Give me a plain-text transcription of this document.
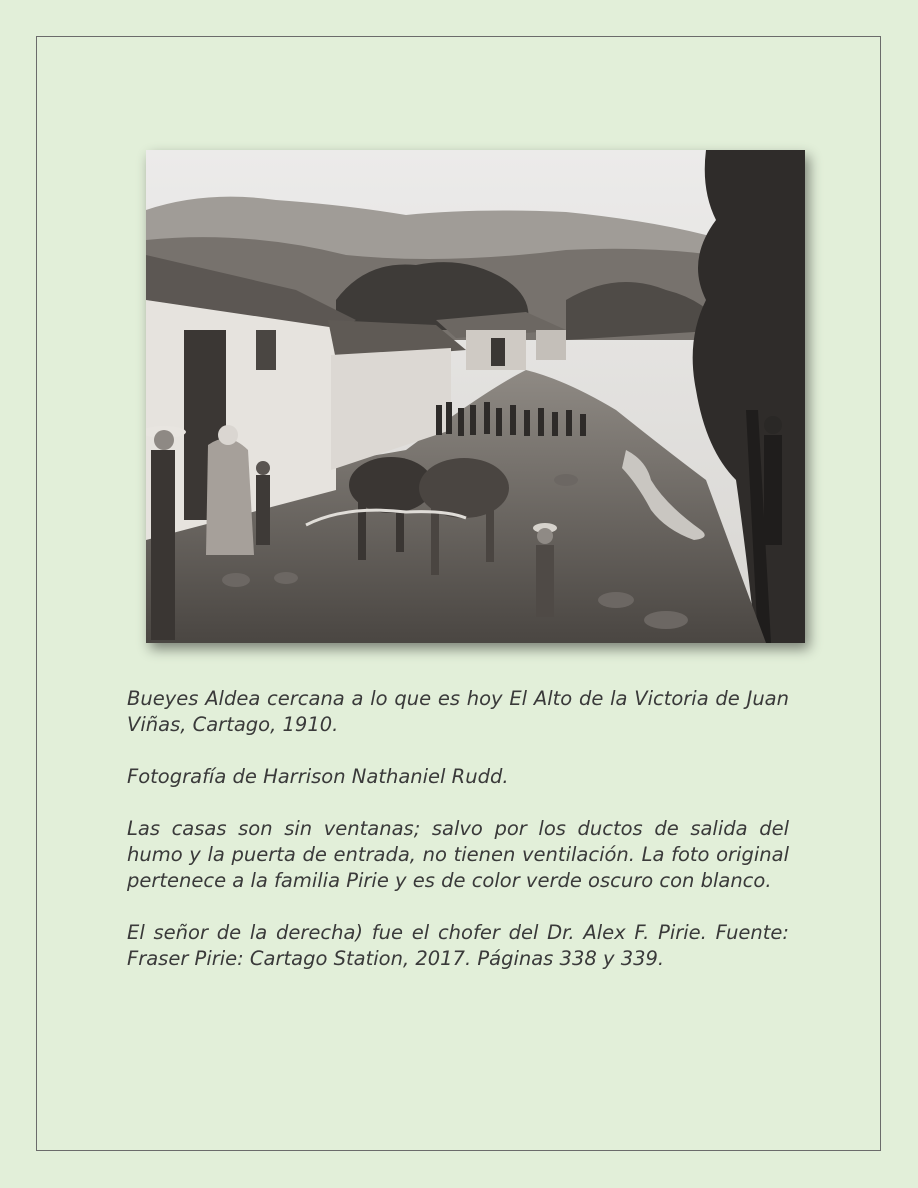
Bueyes Aldea cercana a lo que es hoy El Alto de la Victoria de Juan Viñas, Cartago, 1910.

Fotografía de Harrison Nathaniel Rudd.

Las casas son sin ventanas; salvo por los ductos de salida del humo y la puerta de entrada, no tienen ventilación. La foto original pertenece a la familia Pirie y es de color verde oscuro con blanco.

El señor de la derecha) fue el chofer del Dr. Alex F. Pirie. Fuente: Fraser Pirie: Cartago Station, 2017. Páginas 338 y 339.
